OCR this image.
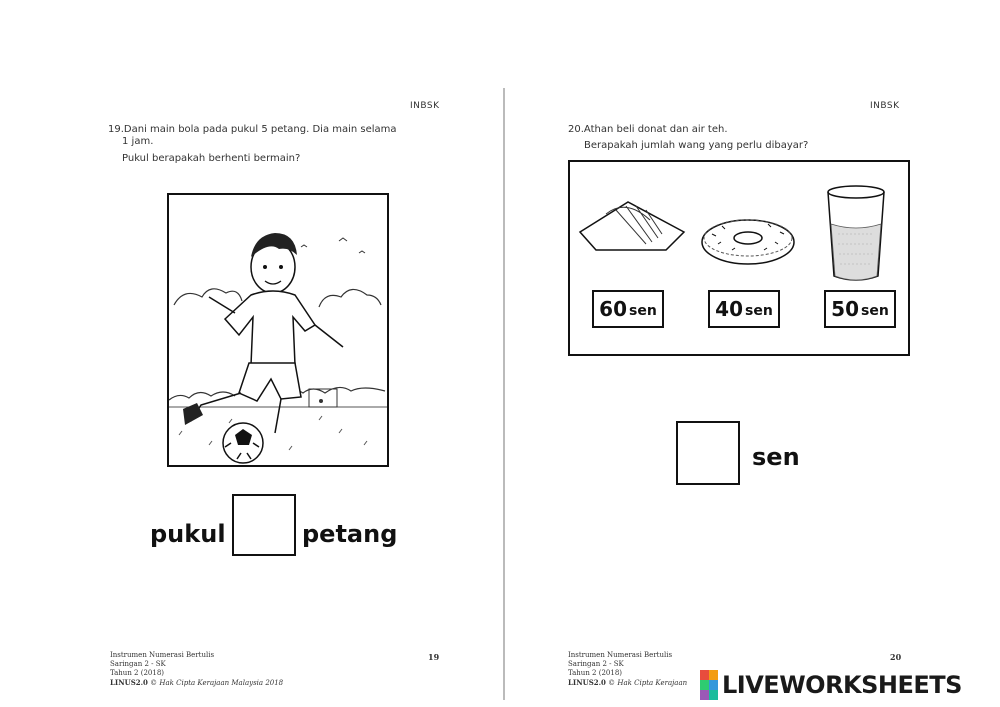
INBSK
19.Dani main bola pada pukul 5 petang. Dia main selama
1 jam.
Pukul berapakah berhenti bermain?
pukul	petang
Instrumen Numerasi Bertulis
Saringan 2 - SK
Tahun 2 (2018)
LINUS2.0 © Hak Cipta Kerajaan Malaysia 2018
19
INBSK
20.Athan beli donat dan air teh.
Berapakah jumlah wang yang perlu dibayar?
60 sen	40 sen	50 sen
sen
Instrumen Numerasi Bertulis
Saringan 2 - SK
Tahun 2 (2018)
LINUS2.0 © Hak Cipta Kerajaan
20
LIVEWORKSHEETS
